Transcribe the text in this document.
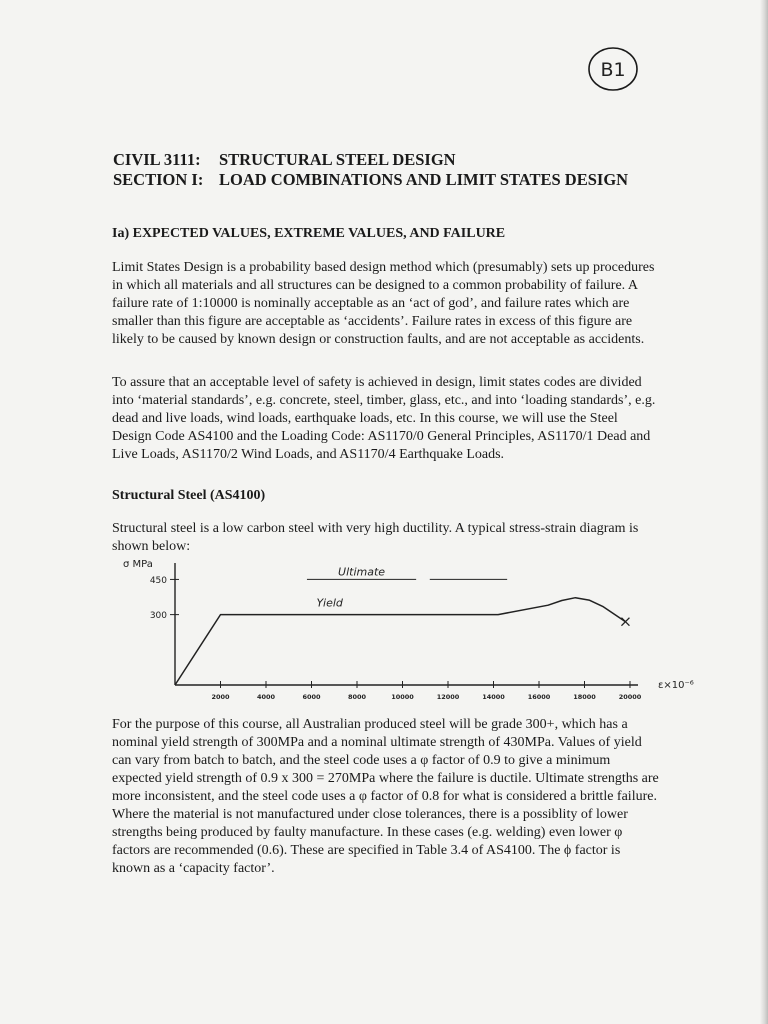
B1
CIVIL 3111:	STRUCTURAL STEEL DESIGN
SECTION I: LOAD COMBINATIONS AND LIMIT STATES DESIGN
Ia) EXPECTED VALUES, EXTREME VALUES, AND FAILURE

Limit States Design is a probability based design method which (presumably) sets up procedures in which all materials and all structures can be designed to a common probability of failure. A failure rate of 1:10000 is nominally acceptable as an ‘act of god’, and failure rates which are smaller than this figure are acceptable as ‘accidents’. Failure rates in excess of this figure are likely to be caused by known design or construction faults, and are not acceptable as accidents.

To assure that an acceptable level of safety is achieved in design, limit states codes are divided into ‘material standards’, e.g. concrete, steel, timber, glass, etc., and into ‘loading standards’, e.g. dead and live loads, wind loads, earthquake loads, etc. In this course, we will use the Steel Design Code AS4100 and the Loading Code: AS1170/0 General Principles, AS1170/1 Dead and Live Loads, AS1170/2 Wind Loads, and AS1170/4 Earthquake Loads.

Structural Steel (AS4100)

Structural steel is a low carbon steel with very high ductility. A typical stress-strain diagram is shown below:

450
300
2000	4000	6000	8000	10000	12000	14000	16000	18000	20000
Ultimate
Yield
σ MPa
ε×10⁻⁶

For the purpose of this course, all Australian produced steel will be grade 300+, which has a nominal yield strength of 300MPa and a nominal ultimate strength of 430MPa. Values of yield can vary from batch to batch, and the steel code uses a φ factor of 0.9 to give a minimum expected yield strength of 0.9 x 300 = 270MPa where the failure is ductile. Ultimate strengths are more inconsistent, and the steel code uses a φ factor of 0.8 for what is considered a brittle failure. Where the material is not manufactured under close tolerances, there is a possiblity of lower strengths being produced by faulty manufacture. In these cases (e.g. welding) even lower φ factors are recommended (0.6). These are specified in Table 3.4 of AS4100. The ϕ factor is known as a ‘capacity factor’.
